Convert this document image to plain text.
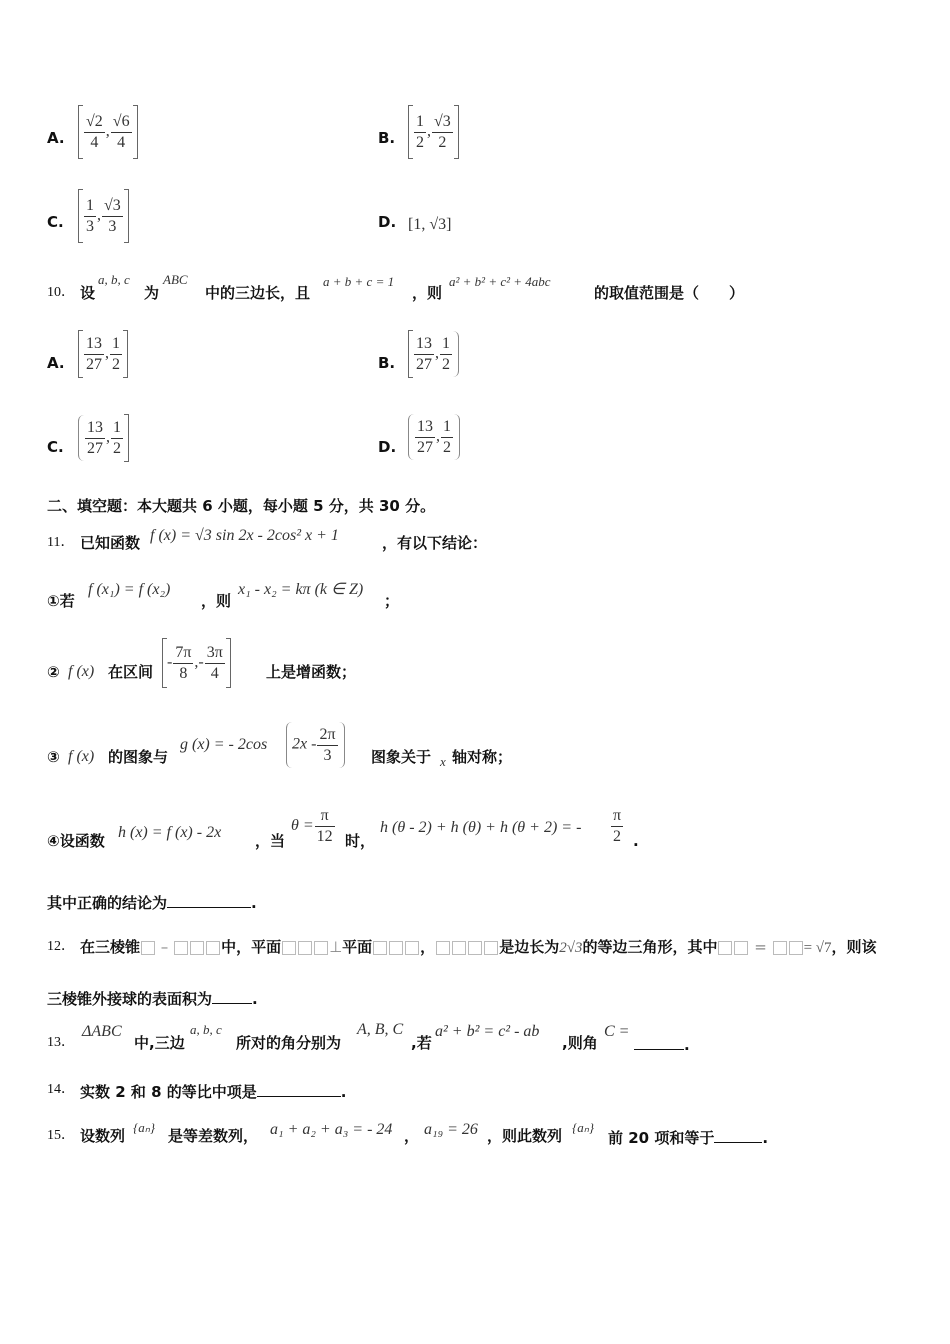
A. $\frac{√2}{4}$ , $\frac{√6}{4}$	B. $\frac{1}{2}$ , $\frac{√3}{2}$
C. $\frac{1}{3}$ , $\frac{√3}{3}$	D. [1, √3]
10． 设
a, b, c
为
ABC
中的三边长，且
a + b + c = 1
，则
a² + b² + c² + 4abc
的取值范围是（　　）
A. $\frac{13}{27}$ , $\frac{1}{2}$	B. $\frac{13}{27}$ , $\frac{1}{2}$
C. $\frac{13}{27}$ , $\frac{1}{2}$	D. $\frac{13}{27}$ , $\frac{1}{2}$
二、填空题：本大题共 6 小题，每小题 5 分，共 30 分。
11． 已知函数 f (x) = √3 sin 2x - 2cos² x + 1	，有以下结论：
①若
f (x₁) = f (x₂)
，则
x₁ - x₂ = kπ (k ∈ Z)
；
② f (x) 在区间
- $\frac{7\pi}{8}$ ,- $\frac{3\pi}{4}$	上是增函数；
③ f (x) 的图象与
g (x) = - 2cos	$2x - \frac{2\pi}{3}$ 图象关于 x 轴对称；
④设函数 h (x) = f (x) - 2x ，当
$\theta = \frac{\pi}{12}$ 时，
h (θ - 2) + h (θ) + h (θ + 2) = - $\frac{\pi}{2}$ .
其中正确的结论为	.
12． 在三棱锥 –	中，平面	⊥平面	，	是边长为2√3的等边三角形，其中 = = √7，则该
三棱锥外接球的表面积为	.
13．
ΔABC
中,三边
a, b, c
所对的角分别为
A, B, C
,若
a² + b² = c² - ab
,则角
C =
.
14． 实数 2 和 8 的等比中项是	.
15． 设数列 {aₙ} 是等差数列， a₁ + a₂ + a₃ = - 24 ， a₁₉ = 26 ，则此数列 {aₙ}
前 20 项和等于	.
